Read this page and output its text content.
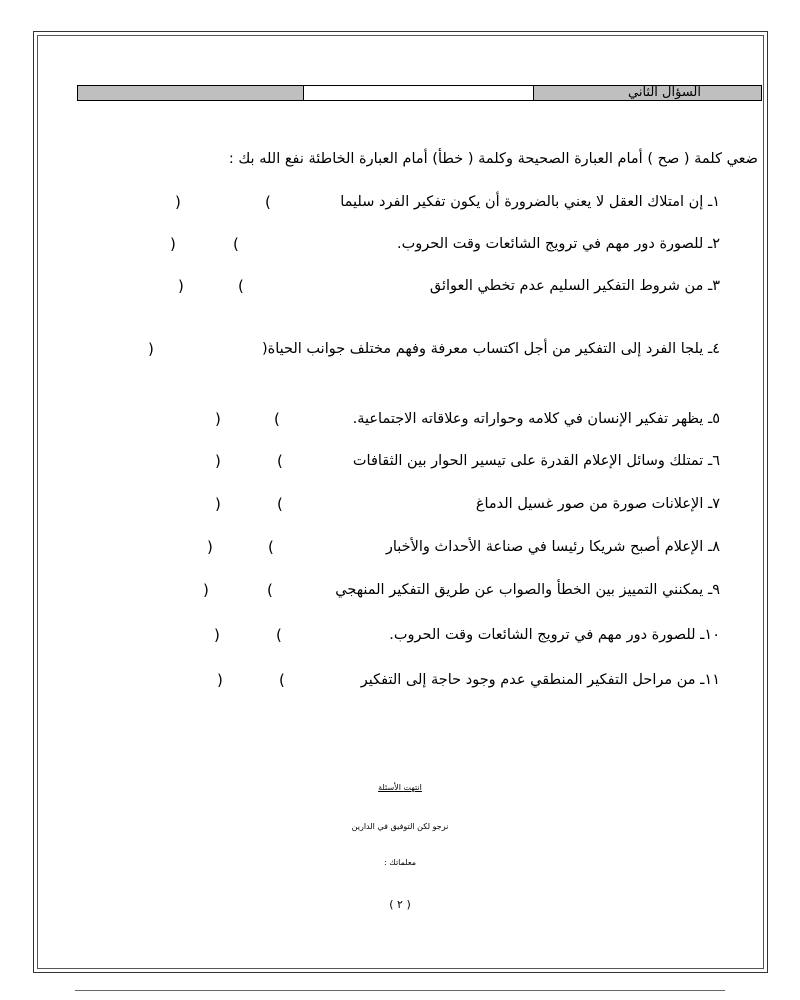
السؤال الثاني
ضعي كلمة ( صح ) أمام العبارة الصحيحة وكلمة ( خطأ) أمام العبارة الخاطئة نفع الله بك :
١ـ إن امتلاك العقل لا يعني بالضرورة أن يكون تفكير الفرد سليما
(
)
٢ـ للصورة دور مهم في ترويج الشائعات وقت الحروب.
(
)
٣ـ من شروط التفكير السليم عدم تخطي العوائق
(
)
٤ـ يلجا الفرد إلى التفكير من أجل اكتساب معرفة وفهم مختلف جوانب الحياة(
)
٥ـ يظهر تفكير الإنسان في كلامه وحواراته وعلاقاته الاجتماعية.
(
)
٦ـ تمتلك وسائل الإعلام القدرة على تيسير الحوار بين الثقافات
(
)
٧ـ الإعلانات صورة من صور غسيل الدماغ
(
)
٨ـ الإعلام أصبح شريكا رئيسا في صناعة الأحداث والأخبار
(
)
٩ـ يمكنني التمييز بين الخطأ والصواب عن طريق التفكير المنهجي
(
)
١٠ـ للصورة دور مهم في ترويج الشائعات وقت الحروب.
(
)
١١ـ من مراحل التفكير المنطقي عدم وجود حاجة إلى التفكير
(
)
انتهت الأسئلة
نرجو لكن التوفيق في الدارين
معلماتك :
( ٢ )
